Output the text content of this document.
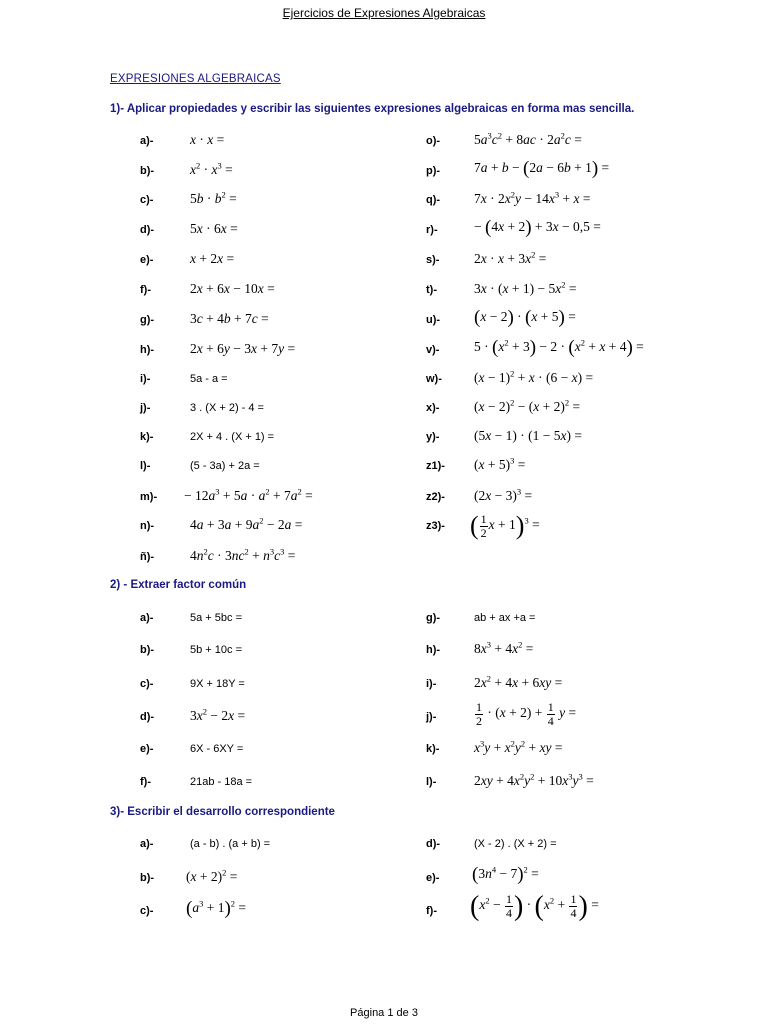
Ejercicios de Expresiones Algebraicas
EXPRESIONES ALGEBRAICAS
1)- Aplicar propiedades y escribir las siguientes expresiones algebraicas en forma mas sencilla.
a)-	x · x =
b)-	$x^2 \cdot x^3$ =
c)-	$5b \cdot b^2$ =
d)-	5x · 6x =
e)-	x + 2x =
f)-	2x + 6x − 10x =
g)-	3c + 4b + 7c =
h)-	2x + 6y − 3x + 7y =
i)-	5a - a =
j)-	3 . (X + 2) - 4 =
k)-	2X + 4 . (X + 1) =
l)-	(5 - 3a) + 2a =
$m)- - 12a^3 + 5a \cdot a^2 + 7a^2$ =
n)-	$4a + 3a + 9a^2 - 2a$ =
ñ)-	$4n^2c \cdot 3nc^2 + n^3c^3$ =
o)-	$5a^3c^2 + 8ac \cdot 2a^2c$ =
p)-	7a + b − (2a − 6b + 1) =
q)-	$7x \cdot 2x^2y - 14x^3 + x$ =
r)-	− (4x + 2) + 3x − 0,5 =
s)-	$2x \cdot x + 3x^2$ =
t)-	$3x \cdot (x + 1) - 5x^2$ =
u)- (x − 2) · (x + 5) =
v)-	$5 \cdot (x^2 + 3) - 2 \cdot (x^2 + x + 4)$ =
w)- $(x - 1)^2 + x \cdot (6 - x)$ =
x)-	$(x - 2)^2 - (x + 2)^2$ =
y)-	(5x − 1) · (1 − 5x) =
z1)- $(x + 5)^3$ =
z2)- $(2x - 3)^3$ =
z3)- ( $\frac{1}{2}$ x + 1)$^3$ =
2) - Extraer factor común
a)-	5a + 5bc =
b)-	5b + 10c =
c)-	9X + 18Y =
d)-	$3x^2 - 2x$ =
e)-	6X - 6XY =
f)-	21ab - 18a =
g)-	ab + ax +a =
h)-	$8x^3 + 4x^2$ =
i)-	$2x^2 + 4x + 6xy$ =
j)-	$\frac{1}{2} \cdot (x + 2) + \frac{1}{4}$ y =
k)-	$x^3y + x^2y^2$ + xy =
l)-	$2xy + 4x^2y^2 + 10x^3y^3$ =
3)- Escribir el desarrollo correspondiente
a)-	(a - b) . (a + b) =
b)- $(x + 2)^2$ =
c)- $(a^3 + 1)^2$ =
d)-	(X - 2) . (X + 2) =
e)- $(3n^4 - 7)^2$ =
f)- ($x^2 - \frac{1}{4}$ ) · ($x^2 + \frac{1}{4}$ ) =
Página 1 de 3
